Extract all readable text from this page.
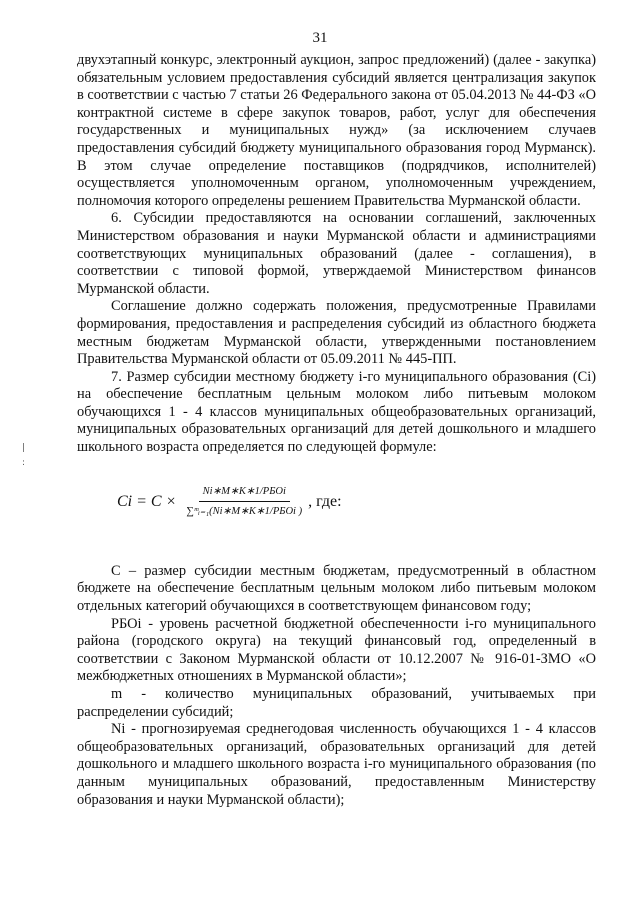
31
|
:

двухэтапный конкурс, электронный аукцион, запрос предложений) (далее - закупка) обязательным условием предоставления субсидий является централизация закупок в соответствии с частью 7 статьи 26 Федерального закона от 05.04.2013 № 44-ФЗ «О контрактной системе в сфере закупок товаров, работ, услуг для обеспечения государственных и муниципальных нужд» (за исключением случаев предоставления субсидий бюджету муниципального образования город Мурманск). В этом случае определение поставщиков (подрядчиков, исполнителей) осуществляется уполномоченным органом, уполномоченным учреждением, полномочия которого определены решением Правительства Мурманской области.

6. Субсидии предоставляются на основании соглашений, заключенных Министерством образования и науки Мурманской области и администрациями соответствующих муниципальных образований (далее - соглашения), в соответствии с типовой формой, утверждаемой Министерством финансов Мурманской области.

Соглашение должно содержать положения, предусмотренные Правилами формирования, предоставления и распределения субсидий из областного бюджета местным бюджетам Мурманской области, утвержденными постановлением Правительства Мурманской области от 05.09.2011 № 445-ПП.

7. Размер субсидии местному бюджету i-го муниципального образования (Ci) на обеспечение бесплатным цельным молоком либо питьевым молоком обучающихся 1 - 4 классов муниципальных общеобразовательных организаций, муниципальных образовательных организаций для детей дошкольного и младшего школьного возраста определяется по следующей формуле:

$Ci = C \times \frac{\text{Ni∗M∗K∗1/РБОi}}{\text{∑ᵐᵢ₌₁(Ni∗M∗K∗1/РБОi )}}$ , где:

С – размер субсидии местным бюджетам, предусмотренный в областном бюджете на обеспечение бесплатным цельным молоком либо питьевым молоком отдельных категорий обучающихся в соответствующем финансовом году;

РБОi - уровень расчетной бюджетной обеспеченности i-го муниципального района (городского округа) на текущий финансовый год, определенный в соответствии с Законом Мурманской области от 10.12.2007 № 916-01-ЗМО «О межбюджетных отношениях в Мурманской области»;

m - количество муниципальных образований, учитываемых при распределении субсидий;

Ni - прогнозируемая среднегодовая численность обучающихся 1 - 4 классов общеобразовательных организаций, образовательных организаций для детей дошкольного и младшего школьного возраста i-го муниципального образования (по данным муниципальных образований, предоставленным Министерству образования и науки Мурманской области);
